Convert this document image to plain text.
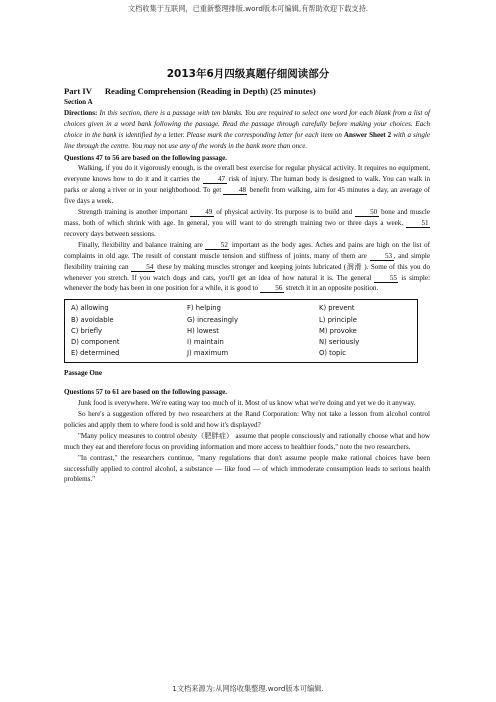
文档收集于互联网，已重新整理排版.word版本可编辑,有帮助欢迎下载支持.
2013年6月四级真题仔细阅读部分
Part IV Reading Comprehension (Reading in Depth) (25 minutes)
Section A

Directions: In this section, there is a passage with ten blanks. You are required to select one word for each blank from a list of choices given in a word bank following the passage. Read the passage through carefully before making your choices. Each choice in the bank is identified by a letter. Please mark the corresponding letter for each item on Answer Sheet 2 with a single line through the centre. You may not use any of the words in the bank more than once.

Questions 47 to 56 are based on the following passage.

Walking, if you do it vigorously enough, is the overall best exercise for regular physical activity. It requires no equipment, everyone knows how to do it and it carries the	47 risk of injury. The human body is designed to walk. You can walk in parks or along a river or in your neighborhood. To get 48 benefit from walking, aim for 45 minutes a day, an average of five days a week.

Strength training is another important	49 of physical activity. Its purpose is to build and	50 bone and muscle mass, both of which shrink with age. In general, you will want to do strength training two or three days a week,	51 recovery days between sessions.

Finally, flexibility and balance training are	52 important as the body ages. Aches and pains are high on the list of complaints in old age. The result of constant muscle tension and stiffness of joints, many of them are	53, and simple flexibility training can	54 these by making muscles stronger and keeping joints lubricated (润滑 ). Some of this you do whenever you stretch. If you watch dogs and cats, you'll get an idea of how natural it is. The general	55 is simple: whenever the body has been in one position for a while, it is good to 56 stretch it in an opposite position.

A) allowing	F) helping	K) prevent
B) avoidable	G) increasingly	L) principle
C) briefly	H) lowest	M) provoke
D) component	I) maintain	N) seriously
E) determined	J) maximum	O) topic
Passage One
Questions 57 to 61 are based on the following passage.

Junk food is everywhere. We're eating way too much of it. Most of us know what we're doing and yet we do it anyway.

So here's a suggestion offered by two researchers at the Rand Corporation: Why not take a lesson from alcohol control policies and apply them to where food is sold and how it's displayed?

"Many policy measures to control obesity（肥胖症） assume that people consciously and rationally choose what and how much they eat and therefore focus on providing information and more access to healthier foods," note the two researchers.

"In contrast," the researchers continue, "many regulations that don't assume people make rational choices have been successfully applied to control alcohol, a substance — like food — of which immoderate consumption leads to serious health problems."

1文档来源为:从网络收集整理.word版本可编辑.
